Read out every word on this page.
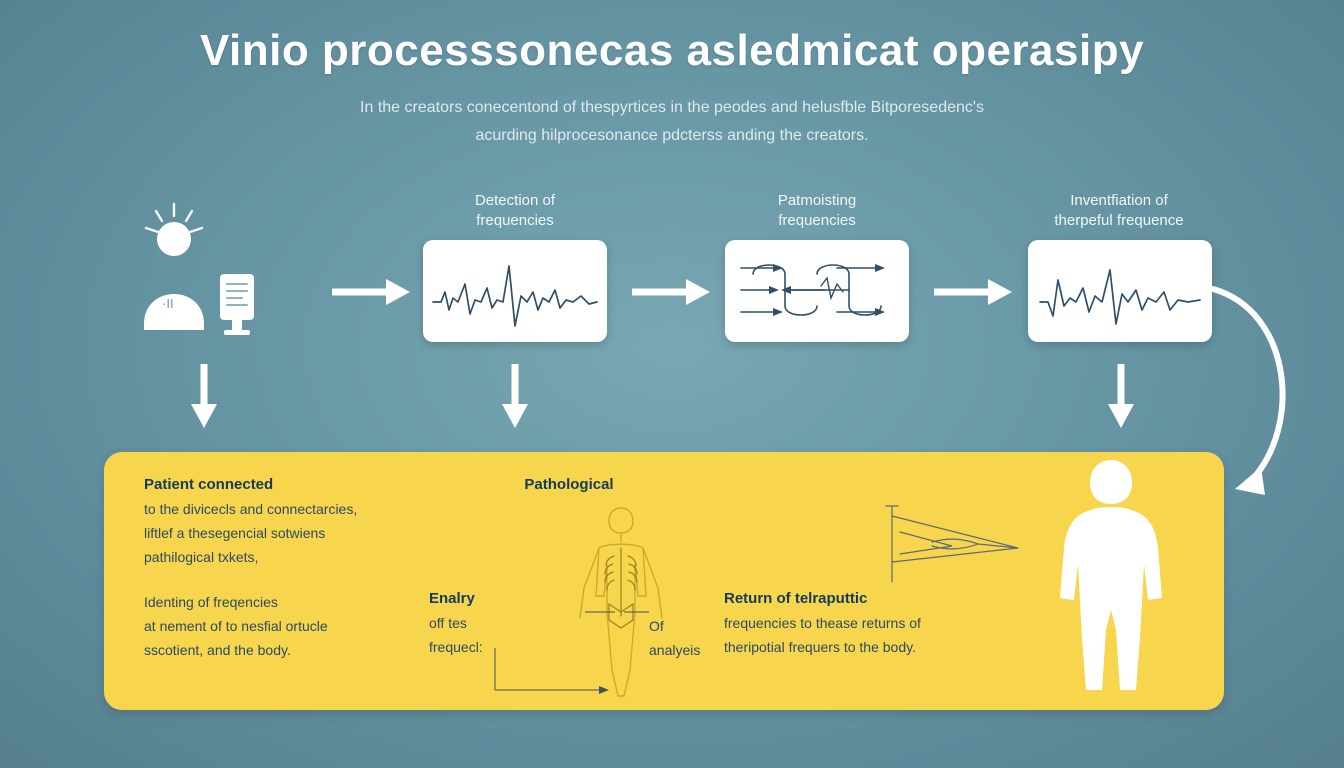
Vinio processsonecas asledmicat operasipy
In the creators conecentond of thespyrtices in the peodes and helusfble Bitporesedenc's
acurding hilprocesonance pdcterss anding the creators.
Detection of
frequencies
Patmoisting
frequencies
Inventfiation of
therpeful frequence
·II
Patient connected
to the divicecls and connectarcies, liftlef a thesegencial sotwiens pathilogical txkets,
Identing of freqencies
at nement of to nesfial ortucle sscotient, and the body.
Pathological
Enalry
off tes
frequecl:
Of
analyeis
Return of telraputtic
frequencies to thease returns of theripotial frequers to the body.
